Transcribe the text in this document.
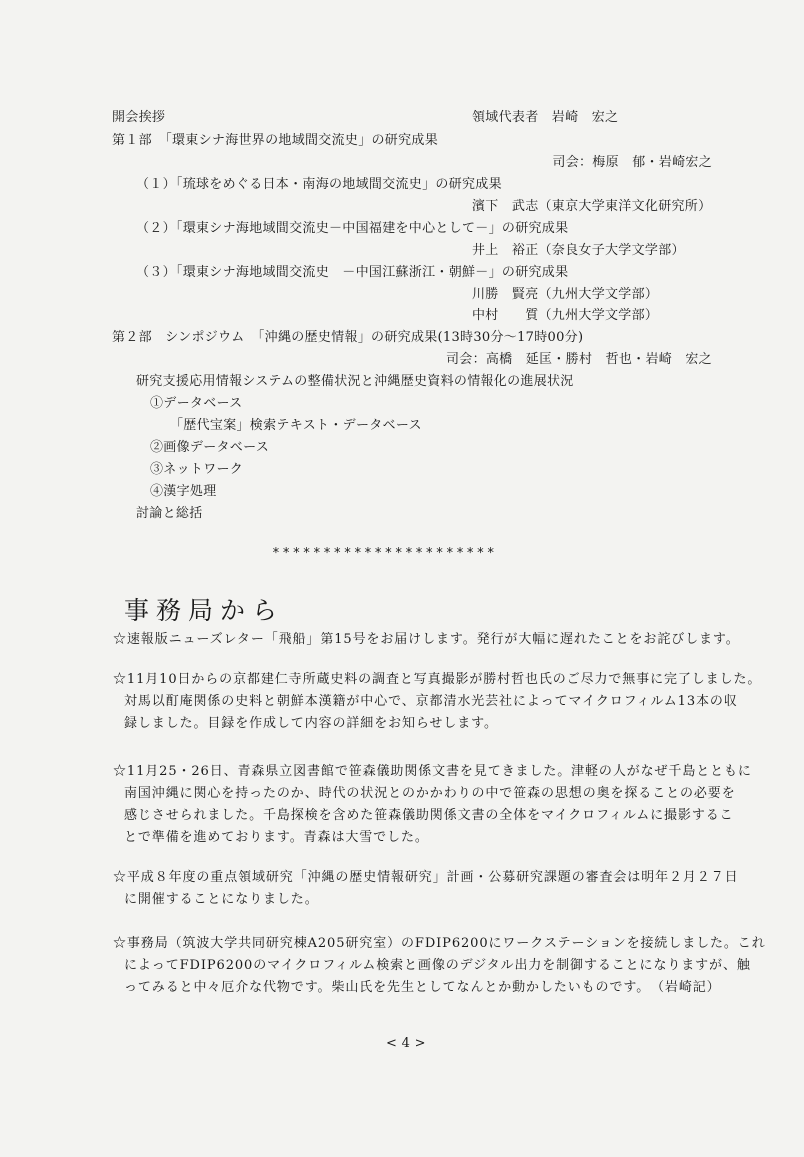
開会挨拶	領域代表者　岩崎　宏之
第１部　「環東シナ海世界の地域間交流史」の研究成果
司会：梅原　郁・岩崎宏之
（１）「琉球をめぐる日本・南海の地域間交流史」の研究成果
濱下　武志（東京大学東洋文化研究所）
（２）「環東シナ海地域間交流史－中国福建を中心として－」の研究成果
井上　裕正（奈良女子大学文学部）
（３）「環東シナ海地域間交流史　－中国江蘇浙江・朝鮮－」の研究成果
川勝　賢亮（九州大学文学部）
中村　　質（九州大学文学部）
第２部　シンポジウム　「沖縄の歴史情報」の研究成果(13時30分～17時00分)
司会：高橋　延匡・勝村　哲也・岩崎　宏之
研究支援応用情報システムの整備状況と沖縄歴史資料の情報化の進展状況
①データベース
「歴代宝案」検索テキスト・データベース
②画像データベース
③ネットワーク
④漢字処理
討論と総括
**********************
事務局から
☆速報版ニューズレター「飛船」第15号をお届けします。発行が大幅に遅れたことをお詫びします。
☆11月10日からの京都建仁寺所蔵史料の調査と写真撮影が勝村哲也氏のご尽力で無事に完了しました。
対馬以酊庵関係の史料と朝鮮本漢籍が中心で、京都清水光芸社によってマイクロフィルム13本の収
録しました。目録を作成して内容の詳細をお知らせします。
☆11月25・26日、青森県立図書館で笹森儀助関係文書を見てきました。津軽の人がなぜ千島とともに
南国沖縄に関心を持ったのか、時代の状況とのかかわりの中で笹森の思想の奥を探ることの必要を
感じさせられました。千島探検を含めた笹森儀助関係文書の全体をマイクロフィルムに撮影するこ
とで準備を進めております。青森は大雪でした。
☆平成８年度の重点領域研究「沖縄の歴史情報研究」計画・公募研究課題の審査会は明年２月２７日
に開催することになりました。
☆事務局（筑波大学共同研究棟A205研究室）のFDIP6200にワークステーションを接続しました。これ
によってFDIP6200のマイクロフィルム検索と画像のデジタル出力を制御することになりますが、触
ってみると中々厄介な代物です。柴山氏を先生としてなんとか動かしたいものです。　（岩崎記）
< 4 >
